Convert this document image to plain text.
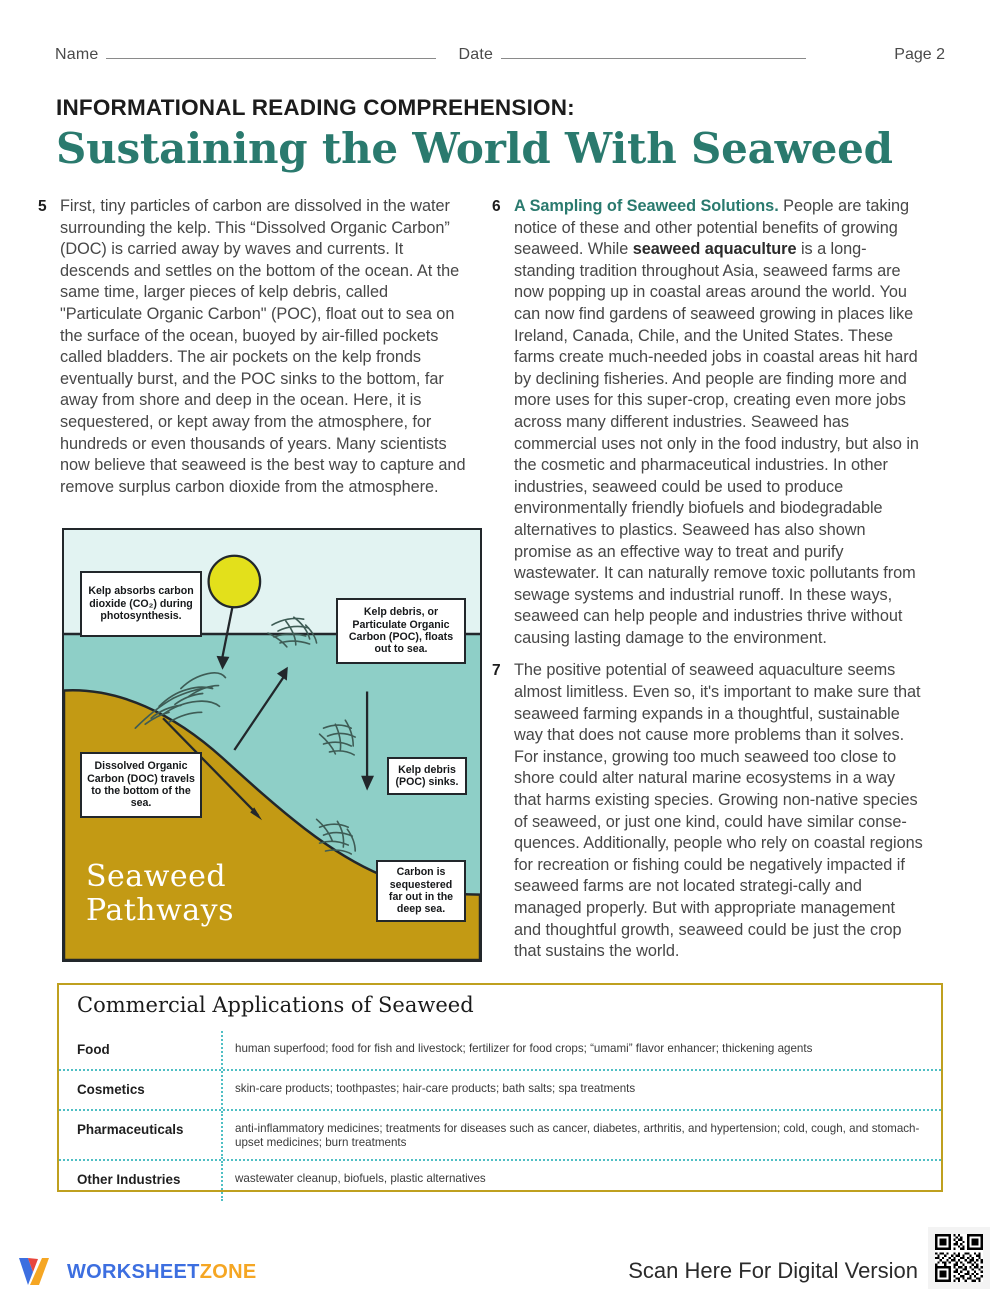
Name	Date	Page 2
INFORMATIONAL READING COMPREHENSION:
Sustaining the World With Seaweed
5 First, tiny particles of carbon are dissolved in the water surrounding the kelp. This “Dissolved Organic Carbon” (DOC) is carried away by waves and currents. It descends and settles on the bottom of the ocean. At the same time, larger pieces of kelp debris, called "Particulate Organic Carbon" (POC), float out to sea on the surface of the ocean, buoyed by air-filled pockets called bladders. The air pockets on the kelp fronds eventually burst, and the POC sinks to the bottom, far away from shore and deep in the ocean. Here, it is sequestered, or kept away from the atmosphere, for hundreds or even thousands of years. Many scientists now believe that seaweed is the best way to capture and remove surplus carbon dioxide from the atmosphere.
6 A Sampling of Seaweed Solutions. People are taking notice of these and other potential benefits of growing seaweed. While seaweed aquaculture is a long-standing tradition throughout Asia, seaweed farms are now popping up in coastal areas around the world. You can now find gardens of seaweed growing in places like Ireland, Canada, Chile, and the United States. These farms create much-needed jobs in coastal areas hit hard by declining fisheries. And people are finding more and more uses for this super-crop, creating even more jobs across many different industries. Seaweed has commercial uses not only in the food industry, but also in the cosmetic and pharmaceutical industries. In other industries, seaweed could be used to produce environmentally friendly biofuels and biodegradable alternatives to plastics. Seaweed has also shown promise as an effective way to treat and purify wastewater. It can naturally remove toxic pollutants from sewage systems and industrial runoff. In these ways, seaweed can help people and industries thrive without causing lasting damage to the environment.
7 The positive potential of seaweed aquaculture seems almost limitless. Even so, it's important to make sure that seaweed farming expands in a thoughtful, sustainable way that does not cause more problems than it solves. For instance, growing too much seaweed too close to shore could alter natural marine ecosystems in a way that harms existing species. Growing non-native species of seaweed, or just one kind, could have similar conse-quences. Additionally, people who rely on coastal regions for recreation or fishing could be negatively impacted if seaweed farms are not located strategi-cally and managed properly. But with appropriate management and thoughtful growth, seaweed could be just the crop that sustains the world.
Kelp absorbs carbon dioxide (CO₂) during photosynthesis.	Kelp debris, or Particulate Organic Carbon (POC), floats out to sea.
Dissolved Organic Carbon (DOC) travels to the bottom of the sea.
Kelp debris (POC) sinks.
Carbon is sequestered far out in the deep sea.
Seaweed
Pathways
Commercial Applications of Seaweed
Food	human superfood; food for fish and livestock; fertilizer for food crops; “umami” flavor enhancer; thickening agents
Cosmetics	skin-care products; toothpastes; hair-care products; bath salts; spa treatments
Pharmaceuticals	anti-inflammatory medicines; treatments for diseases such as cancer, diabetes, arthritis, and hypertension; cold, cough, and stomach-upset medicines; burn treatments
Other Industries	wastewater cleanup, biofuels, plastic alternatives
WORKSHEETZONE	Scan Here For Digital Version
